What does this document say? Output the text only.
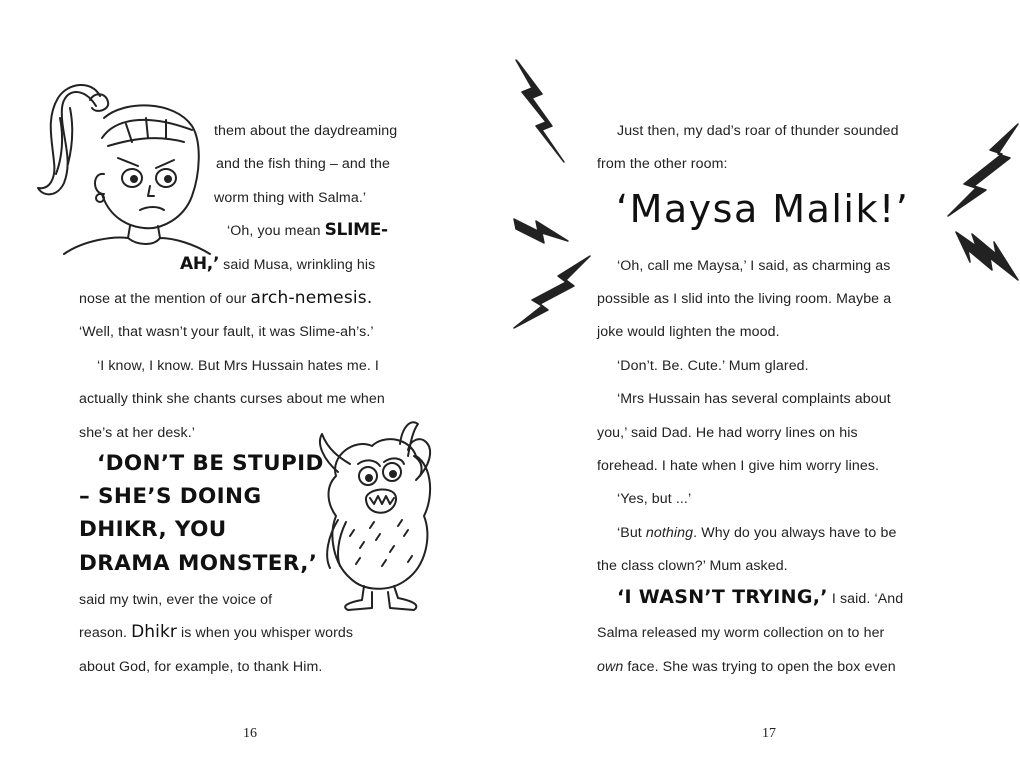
them about the daydreaming
and the fish thing – and the
worm thing with Salma.’
‘Oh, you mean SLIME-
AH,’ said Musa, wrinkling his
nose at the mention of our arch-nemesis.
‘Well, that wasn’t your fault, it was Slime-ah’s.’
‘I know, I know. But Mrs Hussain hates me. I
actually think she chants curses about me when
she’s at her desk.’
‘DON’T BE STUPID
– SHE’S DOING
DHIKR, YOU
DRAMA MONSTER,’
said my twin, ever the voice of
reason. Dhikr is when you whisper words
about God, for example, to thank Him.
16
Just then, my dad’s roar of thunder sounded
from the other room:
‘Maysa Malik!’
‘Oh, call me Maysa,’ I said, as charming as
possible as I slid into the living room. Maybe a
joke would lighten the mood.
‘Don’t. Be. Cute.’ Mum glared.
‘Mrs Hussain has several complaints about
you,’ said Dad. He had worry lines on his
forehead. I hate when I give him worry lines.
‘Yes, but ...’
‘But nothing. Why do you always have to be
the class clown?’ Mum asked.
‘I WASN’T TRYING,’ I said. ‘And
Salma released my worm collection on to her
own face. She was trying to open the box even
17
